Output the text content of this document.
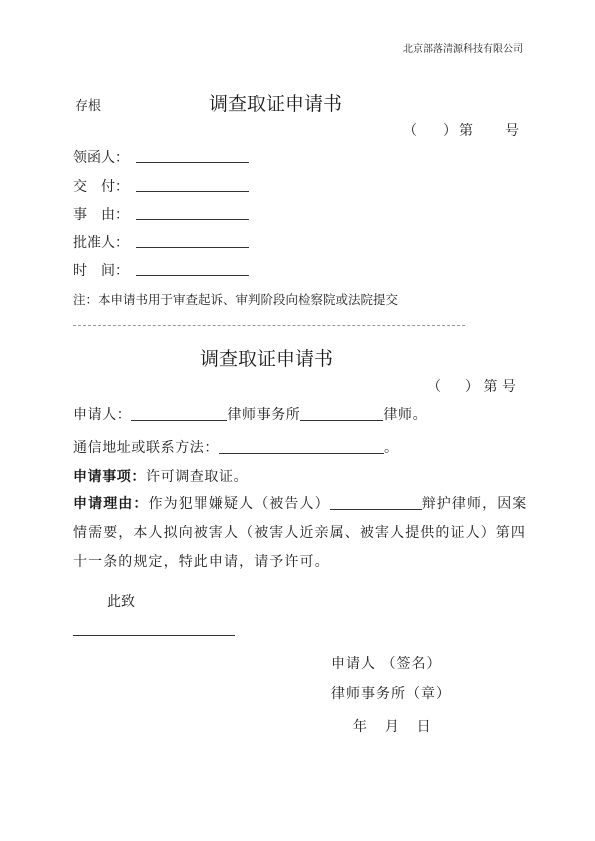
北京部落清源科技有限公司
存根	调查取证申请书
（ ） 第 号
领函人：
交　付：
事　由：
批准人：
时　间：
注：本申请书用于审查起诉、审判阶段向检察院或法院提交
调查取证申请书
（ ） 第 号
申请人：	律师事务所	律师。
通信地址或联系方法：	。
申请事项：许可调查取证。
申请理由：作为犯罪嫌疑人（被告人）	辩护律师，因案情需要，本人拟向被害人（被害人近亲属、被害人提供的证人）第四十一条的规定，特此申请，请予许可。
此致
申请人 （签名）
律师事务所（章）
年 月 日
